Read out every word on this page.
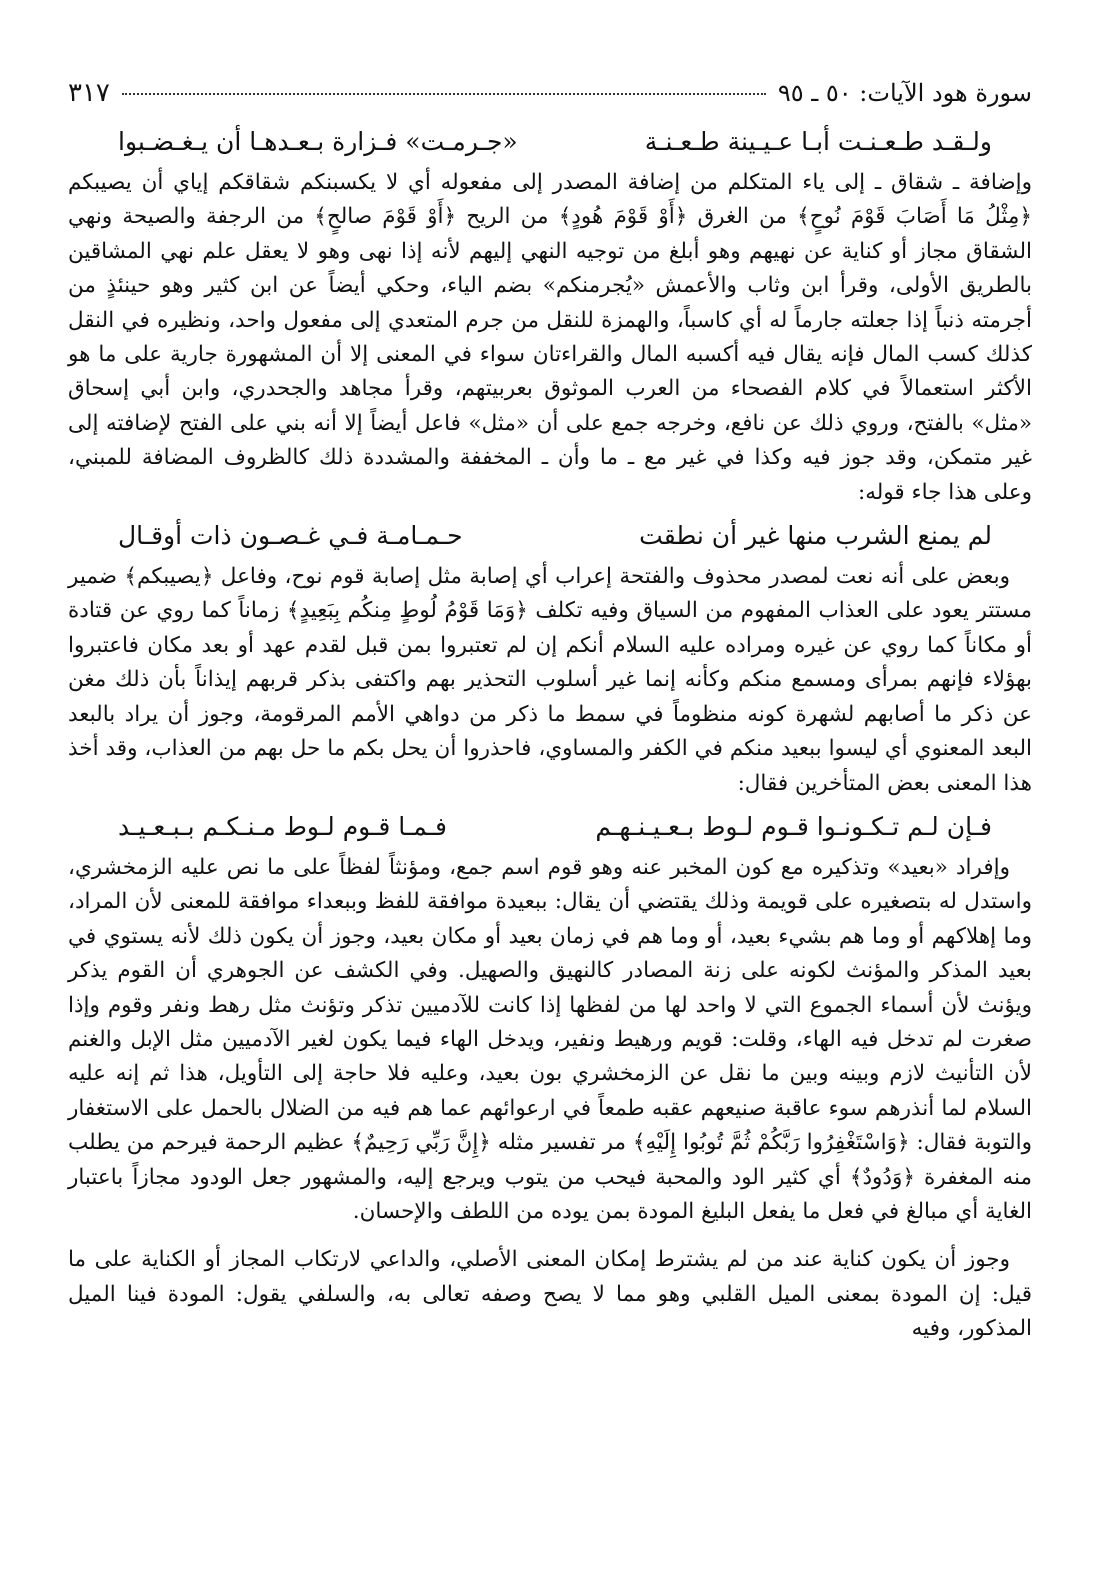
سورة هود الآيات: ٥٠ ـ ٩٥
٣١٧
ولـقـد طـعـنـت أبـا عـيـينة طـعـنـة
«جـرمـت» فـزارة بـعـدهـا أن يـغـضـبوا

وإضافة ـ شقاق ـ إلى ياء المتكلم من إضافة المصدر إلى مفعوله أي لا يكسبنكم شقاقكم إياي أن يصيبكم ﴿مِثْلُ مَا أَصَابَ قَوْمَ نُوحٍ﴾ من الغرق ﴿أَوْ قَوْمَ هُودٍ﴾ من الريح ﴿أَوْ قَوْمَ صالحٍ﴾ من الرجفة والصيحة ونهي الشقاق مجاز أو كناية عن نهيهم وهو أبلغ من توجيه النهي إليهم لأنه إذا نهى وهو لا يعقل علم نهي المشاقين بالطريق الأولى، وقرأ ابن وثاب والأعمش «يُجرمنكم» بضم الياء، وحكي أيضاً عن ابن كثير وهو حينئذٍ من أجرمته ذنباً إذا جعلته جارماً له أي كاسباً، والهمزة للنقل من جرم المتعدي إلى مفعول واحد، ونظيره في النقل كذلك كسب المال فإنه يقال فيه أكسبه المال والقراءتان سواء في المعنى إلا أن المشهورة جارية على ما هو الأكثر استعمالاً في كلام الفصحاء من العرب الموثوق بعربيتهم، وقرأ مجاهد والجحدري، وابن أبي إسحاق «مثل» بالفتح، وروي ذلك عن نافع، وخرجه جمع على أن «مثل» فاعل أيضاً إلا أنه بني على الفتح لإضافته إلى غير متمكن، وقد جوز فيه وكذا في غير مع ـ ما وأن ـ المخففة والمشددة ذلك كالظروف المضافة للمبني، وعلى هذا جاء قوله:

لم يمنع الشرب منها غير أن نطقت
حـمـامـة فـي غـصـون ذات أوقـال

وبعض على أنه نعت لمصدر محذوف والفتحة إعراب أي إصابة مثل إصابة قوم نوح، وفاعل ﴿يصيبكم﴾ ضمير مستتر يعود على العذاب المفهوم من السياق وفيه تكلف ﴿وَمَا قَوْمُ لُوطٍ مِنكُم بِبَعِيدٍ﴾ زماناً كما روي عن قتادة أو مكاناً كما روي عن غيره ومراده عليه السلام أنكم إن لم تعتبروا بمن قبل لقدم عهد أو بعد مكان فاعتبروا بهؤلاء فإنهم بمرأى ومسمع منكم وكأنه إنما غير أسلوب التحذير بهم واكتفى بذكر قربهم إيذاناً بأن ذلك مغن عن ذكر ما أصابهم لشهرة كونه منظوماً في سمط ما ذكر من دواهي الأمم المرقومة، وجوز أن يراد بالبعد البعد المعنوي أي ليسوا ببعيد منكم في الكفر والمساوي، فاحذروا أن يحل بكم ما حل بهم من العذاب، وقد أخذ هذا المعنى بعض المتأخرين فقال:

فـإن لـم تـكـونـوا قـوم لـوط بـعـيـنـهـم
فـمـا قـوم لـوط مـنـكـم بـبـعـيـد

وإفراد «بعيد» وتذكيره مع كون المخبر عنه وهو قوم اسم جمع، ومؤنثاً لفظاً على ما نص عليه الزمخشري، واستدل له بتصغيره على قويمة وذلك يقتضي أن يقال: ببعيدة موافقة للفظ وببعداء موافقة للمعنى لأن المراد، وما إهلاكهم أو وما هم بشيء بعيد، أو وما هم في زمان بعيد أو مكان بعيد، وجوز أن يكون ذلك لأنه يستوي في بعيد المذكر والمؤنث لكونه على زنة المصادر كالنهيق والصهيل. وفي الكشف عن الجوهري أن القوم يذكر ويؤنث لأن أسماء الجموع التي لا واحد لها من لفظها إذا كانت للآدميين تذكر وتؤنث مثل رهط ونفر وقوم وإذا صغرت لم تدخل فيه الهاء، وقلت: قويم ورهيط ونفير، ويدخل الهاء فيما يكون لغير الآدميين مثل الإبل والغنم لأن التأنيث لازم وبينه وبين ما نقل عن الزمخشري بون بعيد، وعليه فلا حاجة إلى التأويل، هذا ثم إنه عليه السلام لما أنذرهم سوء عاقبة صنيعهم عقبه طمعاً في ارعوائهم عما هم فيه من الضلال بالحمل على الاستغفار والتوبة فقال: ﴿وَاسْتَغْفِرُوا رَبَّكُمْ ثُمَّ تُوبُوا إِلَيْهِ﴾ مر تفسير مثله ﴿إِنَّ رَبِّي رَحِيمٌ﴾ عظيم الرحمة فيرحم من يطلب منه المغفرة ﴿وَدُودٌ﴾ أي كثير الود والمحبة فيحب من يتوب ويرجع إليه، والمشهور جعل الودود مجازاً باعتبار الغاية أي مبالغ في فعل ما يفعل البليغ المودة بمن يوده من اللطف والإحسان.

وجوز أن يكون كناية عند من لم يشترط إمكان المعنى الأصلي، والداعي لارتكاب المجاز أو الكناية على ما قيل: إن المودة بمعنى الميل القلبي وهو مما لا يصح وصفه تعالى به، والسلفي يقول: المودة فينا الميل المذكور، وفيه
